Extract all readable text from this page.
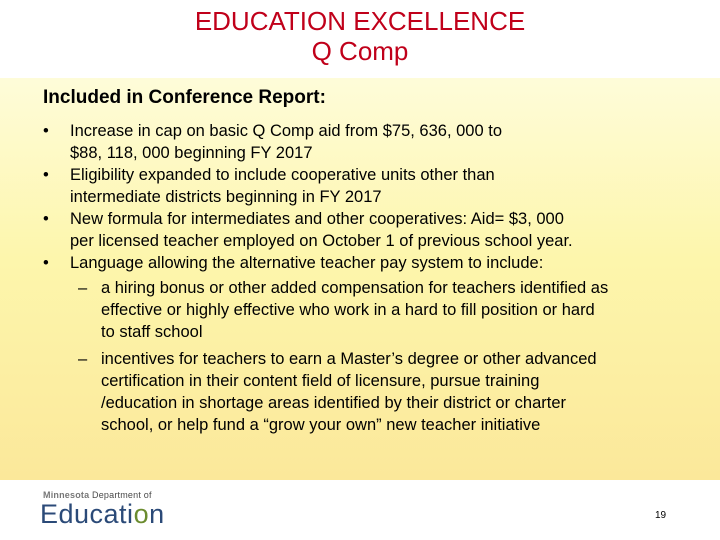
EDUCATION EXCELLENCE
Q Comp
Included in Conference Report:
• Increase in cap on basic Q Comp aid from $75, 636, 000 to
$88, 118, 000 beginning FY 2017
• Eligibility expanded to include cooperative units other than
intermediate districts beginning in FY 2017
• New formula for intermediates and other cooperatives: Aid= $3, 000
per licensed teacher employed on October 1 of previous school year.
• Language allowing the alternative teacher pay system to include:
– a hiring bonus or other added compensation for teachers identified as
effective or highly effective who work in a hard to fill position or hard
to staff school
– incentives for teachers to earn a Master’s degree or other advanced
certification in their content field of licensure, pursue training
/education in shortage areas identified by their district or charter
school, or help fund a “grow your own” new teacher initiative
Minnesota Department of
Education	19
